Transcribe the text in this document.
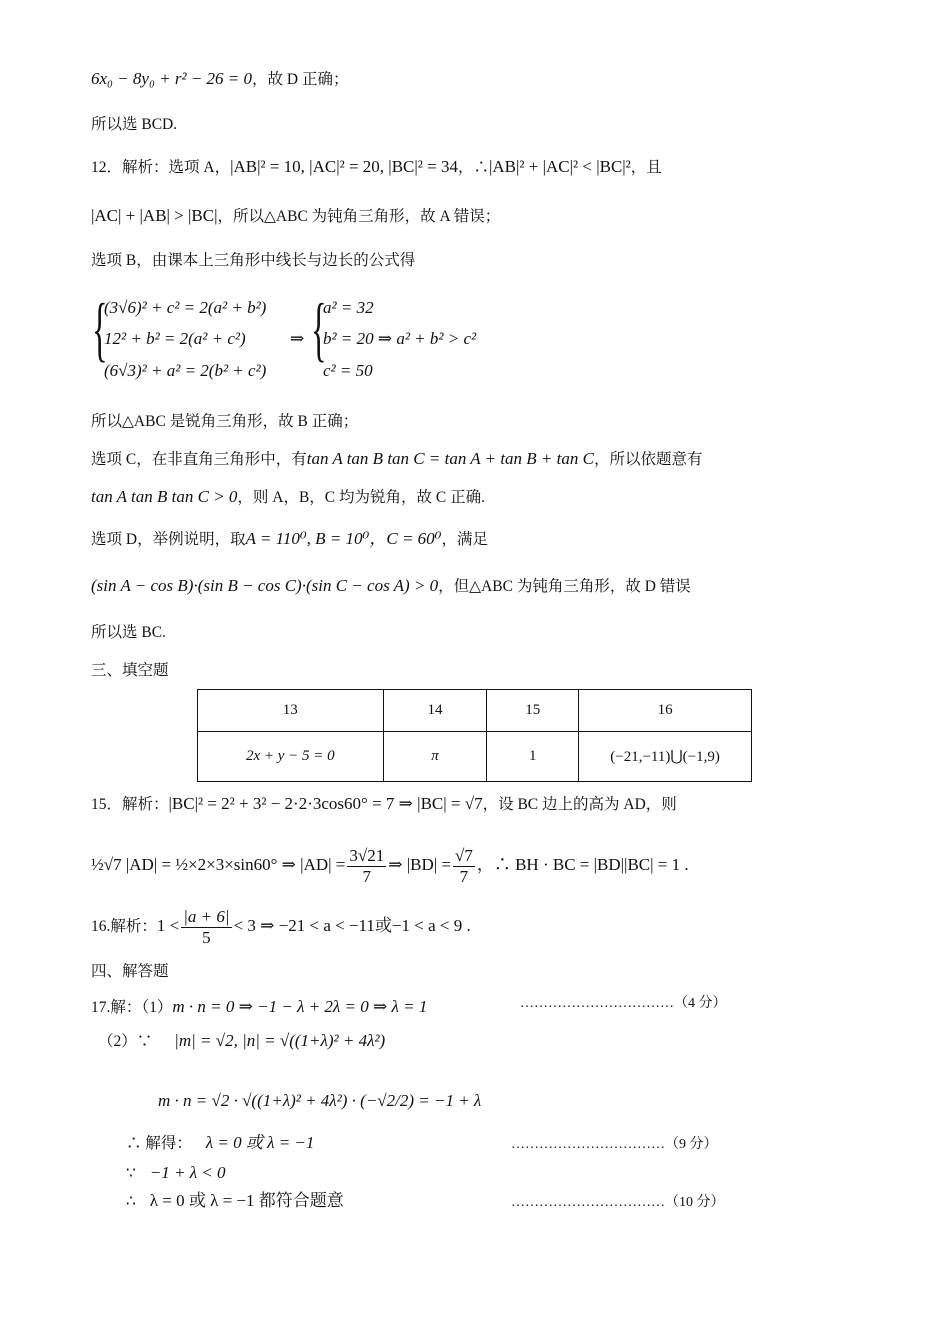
6x₀ − 8y₀ + r² − 26 = 0，故 D 正确；
所以选 BCD.
12．解析：选项 A，|AB|² = 10, |AC|² = 20, |BC|² = 34，∴|AB|² + |AC|² < |BC|²，且
|AC| + |AB| > |BC|，所以△ABC 为钝角三角形，故 A 错误；
选项 B，由课本上三角形中线长与边长的公式得
{
(3√6)² + c² = 2(a² + b²)
12² + b² = 2(a² + c²)
(6√3)² + a² = 2(b² + c²)
⇒ {
a² = 32
b² = 20 ⇒ a² + b² > c²
c² = 50
所以△ABC 是锐角三角形，故 B 正确；
选项 C，在非直角三角形中，有tan A tan B tan C = tan A + tan B + tan C，所以依题意有
tan A tan B tan C > 0，则 A，B，C 均为锐角，故 C 正确.
选项 D，举例说明，取A = 110⁰, B = 10⁰，C = 60⁰，满足
(sin A − cos B)·(sin B − cos C)·(sin C − cos A) > 0，但△ABC 为钝角三角形，故 D 错误
所以选 BC.
三、填空题
13	14	15	16
2x + y − 5 = 0	π	1	(−21,−11)⋃(−1,9)
15．解析：|BC|² = 2² + 3² − 2·2·3cos60° = 7 ⇒ |BC| = √7，设 BC 边上的高为 AD，则
½√7 |AD| = ½×2×3×sin60° ⇒ $|AD| = \frac{3√21}{7}$ ⇒ $|BD| = \frac{√7}{7}$ ，∴ BH · BC = |BD||BC| = 1 .
16.解析：$1 < \frac{|a + 6|}{5} < 3$ ⇒ −21 < a < −11或−1 < a < 9 .
四、解答题
17.解：（1）m · n = 0 ⇒ −1 − λ + 2λ = 0 ⇒ λ = 1	……………………………（4 分）
（2）∵ |m| = √2, |n| = √((1+λ)² + 4λ²)
m · n = √2 · √((1+λ)² + 4λ²) · (−√2/2) = −1 + λ
∴ 解得： λ = 0 或 λ = −1	……………………………（9 分）
∵ −1 + λ < 0
∴ λ = 0 或 λ = −1 都符合题意	……………………………（10 分）
